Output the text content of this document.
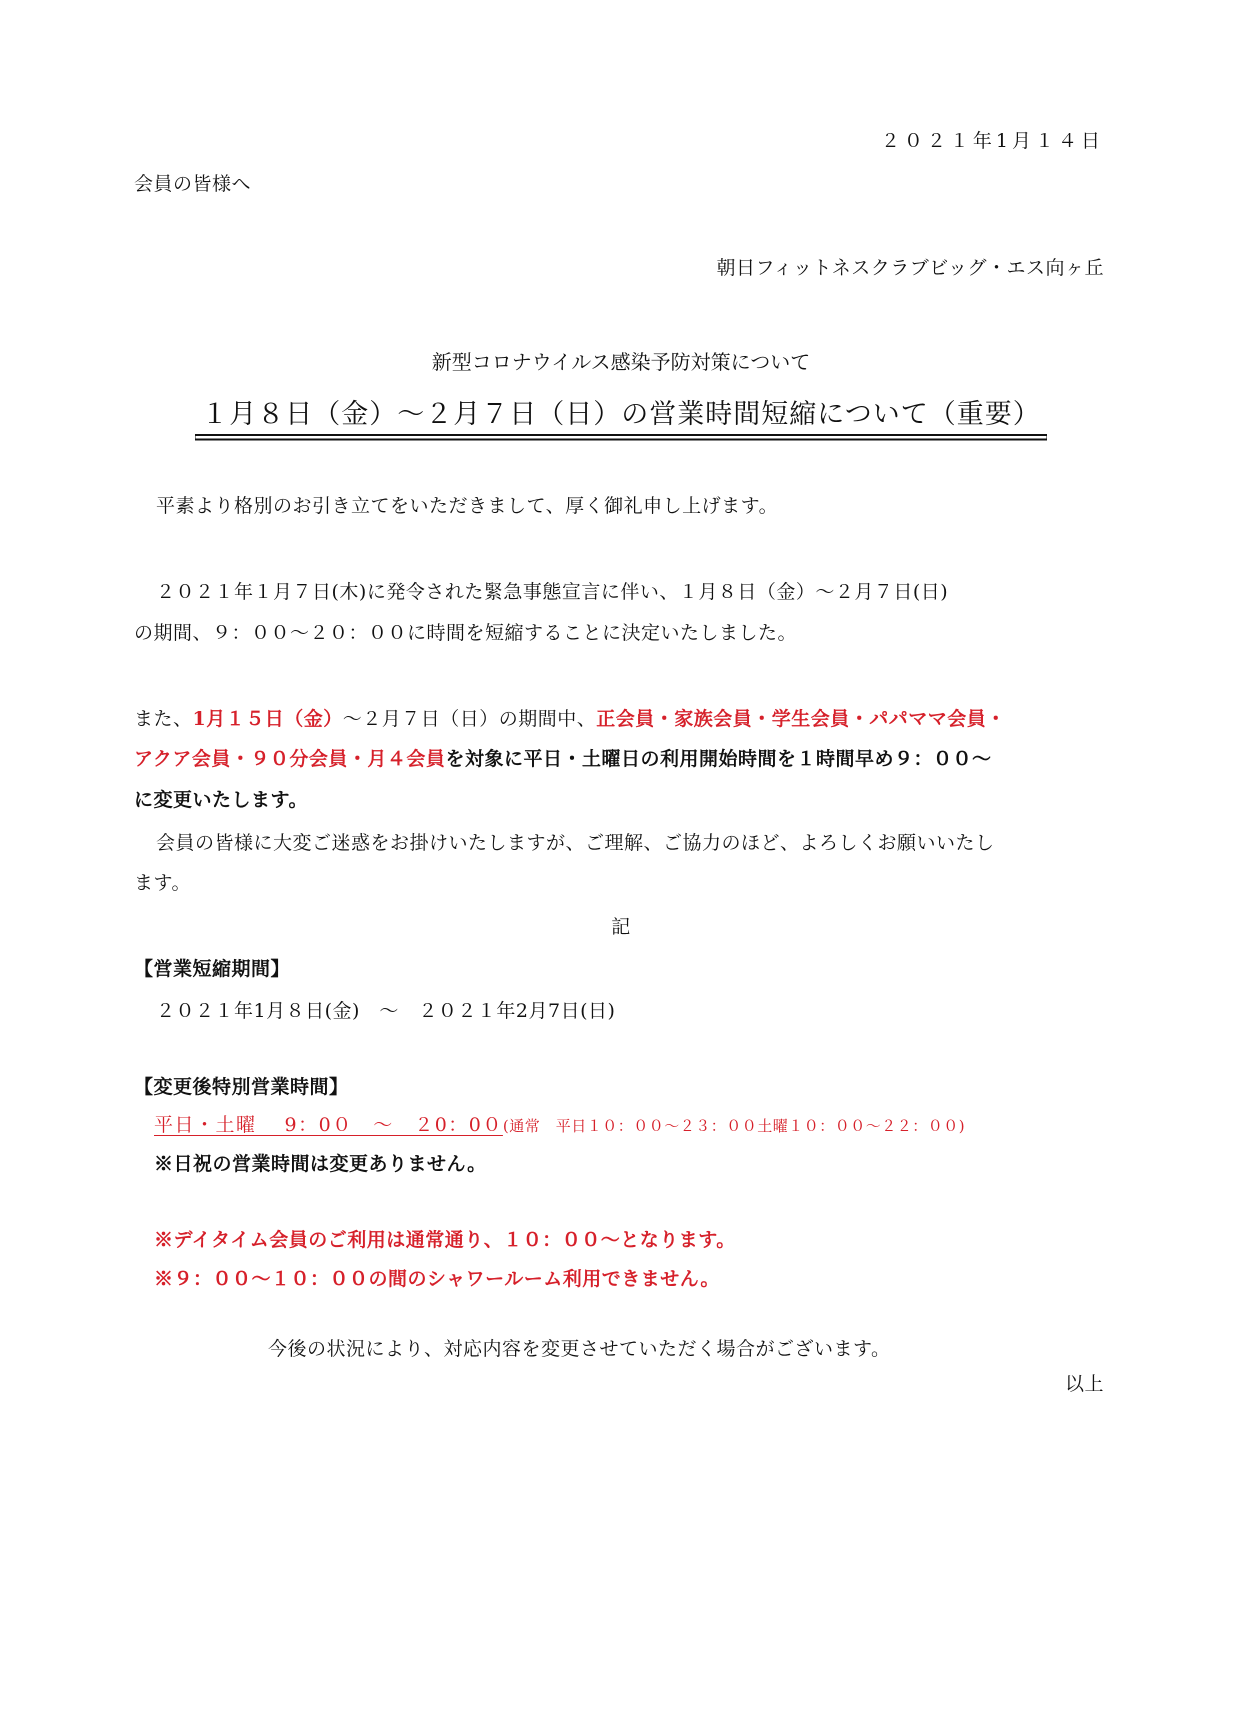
２０２１年1月１４日
会員の皆様へ
朝日フィットネスクラブビッグ・エス向ヶ丘
新型コロナウイルス感染予防対策について
１月８日（金）～２月７日（日）の営業時間短縮について（重要）
平素より格別のお引き立てをいただきまして、厚く御礼申し上げます。
２０２１年１月７日(木)に発令された緊急事態宣言に伴い、１月８日（金）～２月７日(日)
の期間、９：００～２０：００に時間を短縮することに決定いたしました。
また、1月１５日（金）～２月７日（日）の期間中、正会員・家族会員・学生会員・パパママ会員・
アクア会員・９０分会員・月４会員を対象に平日・土曜日の利用開始時間を１時間早め９：００～
に変更いたします。
会員の皆様に大変ご迷惑をお掛けいたしますが、ご理解、ご協力のほど、よろしくお願いいたし
ます。
記
【営業短縮期間】
２０２１年1月８日(金)　～　２０２１年2月7日(日)
【変更後特別営業時間】
平日・土曜　 9：0０　～　２0：0０(通常　平日１０：００～２３：００土曜１０：００～２２：００)
※日祝の営業時間は変更ありません。
※デイタイム会員のご利用は通常通り、１０：００～となります。
※９：００～１０：００の間のシャワールーム利用できません。
今後の状況により、対応内容を変更させていただく場合がございます。
以上
